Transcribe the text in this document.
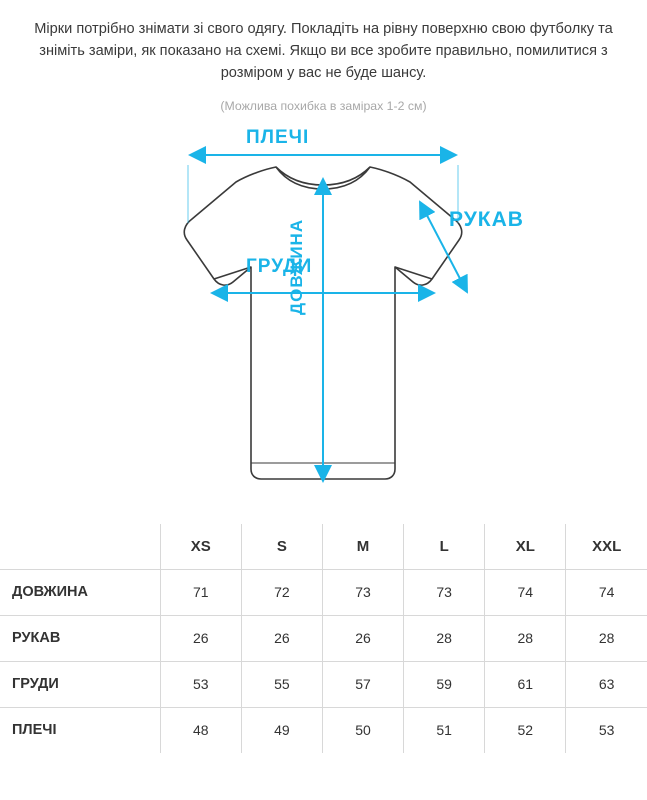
Мірки потрібно знімати зі свого одягу. Покладіть на рівну поверхню свою футболку та зніміть заміри, як показано на схемі. Якщо ви все зробите правильно, помилитися з розміром у вас не буде шансу.

(Можлива похибка в замірах 1-2 см)
ПЛЕЧІ
РУКАВ
ГРУДИ
ДОВЖИНА
	XS	S	M	L	XL	XXL
ДОВЖИНА	71	72	73	73	74	74
РУКАВ	26	26	26	28	28	28
ГРУДИ	53	55	57	59	61	63
ПЛЕЧІ	48	49	50	51	52	53
